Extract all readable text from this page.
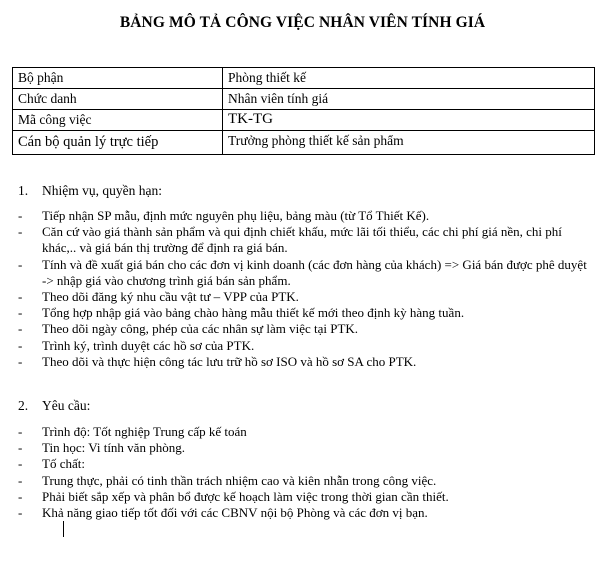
BẢNG MÔ TẢ CÔNG VIỆC NHÂN VIÊN TÍNH GIÁ
Bộ phận	Phòng thiết kế
Chức danh	Nhân viên tính giá
Mã công việc	TK-TG
Cán bộ quản lý trực tiếp	Trưởng phòng thiết kế sản phẩm
1.	Nhiệm vụ, quyền hạn:
-	Tiếp nhận SP mẫu, định mức nguyên phụ liệu, bảng màu (từ Tổ Thiết Kế).
-	Căn cứ vào giá thành sản phẩm và qui định chiết khấu, mức lãi tối thiểu, các chi phí giá nền, chi phí khác,.. và giá bán thị trường để định ra giá bán.
-	Tính và đề xuất giá bán cho các đơn vị kinh doanh (các đơn hàng của khách) => Giá bán được phê duyệt -> nhập giá vào chương trình giá bán sản phẩm.
-	Theo dõi đăng ký nhu cầu vật tư – VPP của PTK.
-	Tổng hợp nhập giá vào bảng chào hàng mẫu thiết kế mới theo định kỳ hàng tuần.
-	Theo dõi ngày công, phép của các nhân sự làm việc tại PTK.
-	Trình ký, trình duyệt các hồ sơ của PTK.
-	Theo dõi và thực hiện công tác lưu trữ hồ sơ ISO và hồ sơ SA cho PTK.
2.	Yêu cầu:
-	Trình độ: Tốt nghiệp Trung cấp kế toán
-	Tin học: Vi tính văn phòng.
-	Tố chất:
-	Trung thực, phải có tinh thần trách nhiệm cao và kiên nhẫn trong công việc.
-	Phải biết sắp xếp và phân bổ được kế hoạch làm việc trong thời gian cần thiết.
-	Khả năng giao tiếp tốt đối với các CBNV nội bộ Phòng và các đơn vị bạn.
